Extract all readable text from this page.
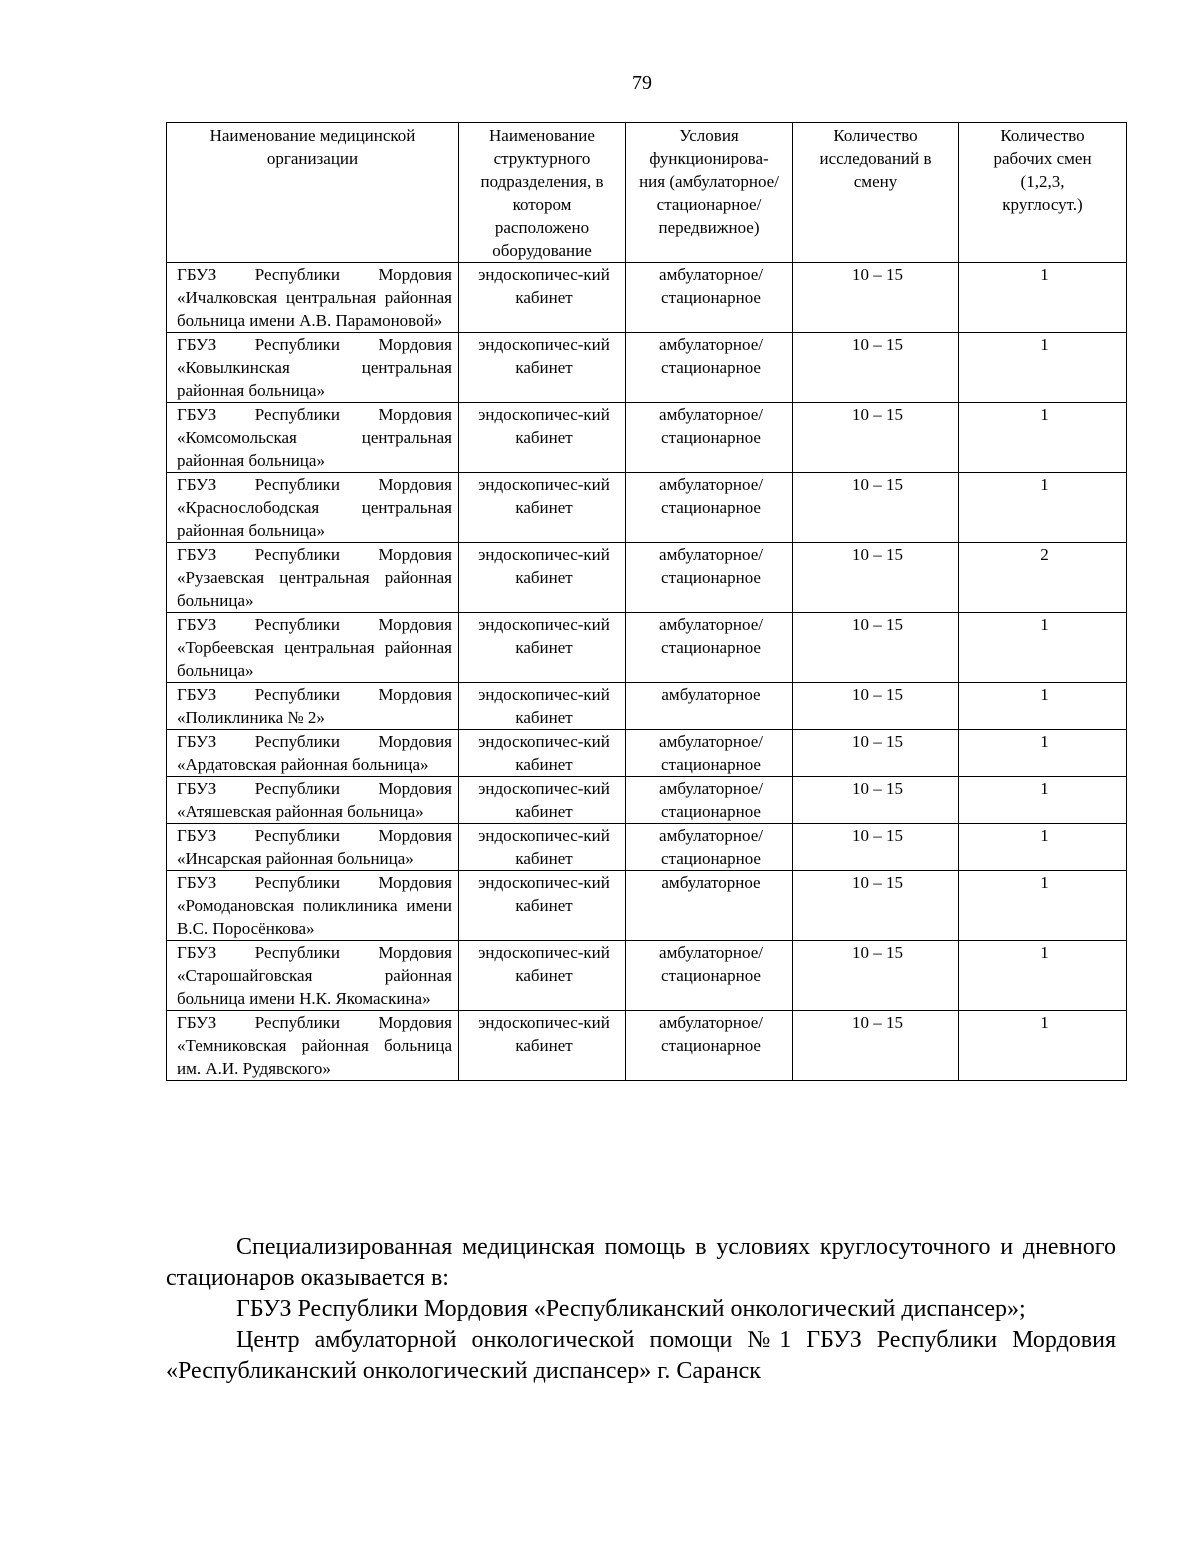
79
Наименование медицинской организации	Наименование структурного подразделения, в котором расположено оборудование	Условия функционирова-ния (амбулаторное/ стационарное/ передвижное)	Количество исследований в смену	Количество рабочих смен (1,2,3, круглосут.)
ГБУЗ Республики Мордовия «Ичалковская центральная районная больница имени А.В. Парамоновой»	эндоскопичес-кий кабинет	амбулаторное/ стационарное	10 – 15	1
ГБУЗ Республики Мордовия «Ковылкинская центральная районная больница»	эндоскопичес-кий кабинет	амбулаторное/ стационарное	10 – 15	1
ГБУЗ Республики Мордовия «Комсомольская центральная районная больница»	эндоскопичес-кий кабинет	амбулаторное/ стационарное	10 – 15	1
ГБУЗ Республики Мордовия «Краснослободская центральная районная больница»	эндоскопичес-кий кабинет	амбулаторное/ стационарное	10 – 15	1
ГБУЗ Республики Мордовия «Рузаевская центральная районная больница»	эндоскопичес-кий кабинет	амбулаторное/ стационарное	10 – 15	2
ГБУЗ Республики Мордовия «Торбеевская центральная районная больница»	эндоскопичес-кий кабинет	амбулаторное/ стационарное	10 – 15	1
ГБУЗ Республики Мордовия «Поликлиника № 2»	эндоскопичес-кий кабинет	амбулаторное	10 – 15	1
ГБУЗ Республики Мордовия «Ардатовская районная больница»	эндоскопичес-кий кабинет	амбулаторное/ стационарное	10 – 15	1
ГБУЗ Республики Мордовия «Атяшевская районная больница»	эндоскопичес-кий кабинет	амбулаторное/ стационарное	10 – 15	1
ГБУЗ Республики Мордовия «Инсарская районная больница»	эндоскопичес-кий кабинет	амбулаторное/ стационарное	10 – 15	1
ГБУЗ Республики Мордовия «Ромодановская поликлиника имени В.С. Поросёнкова»	эндоскопичес-кий кабинет	амбулаторное	10 – 15	1
ГБУЗ Республики Мордовия «Старошайговская районная больница имени Н.К. Якомаскина»	эндоскопичес-кий кабинет	амбулаторное/ стационарное	10 – 15	1
ГБУЗ Республики Мордовия «Темниковская районная больница им. А.И. Рудявского»	эндоскопичес-кий кабинет	амбулаторное/ стационарное	10 – 15	1

Специализированная медицинская помощь в условиях круглосуточного и дневного стационаров оказывается в:

ГБУЗ Республики Мордовия «Республиканский онкологический диспансер»;

Центр амбулаторной онкологической помощи №1 ГБУЗ Республики Мордовия «Республиканский онкологический диспансер» г. Саранск
